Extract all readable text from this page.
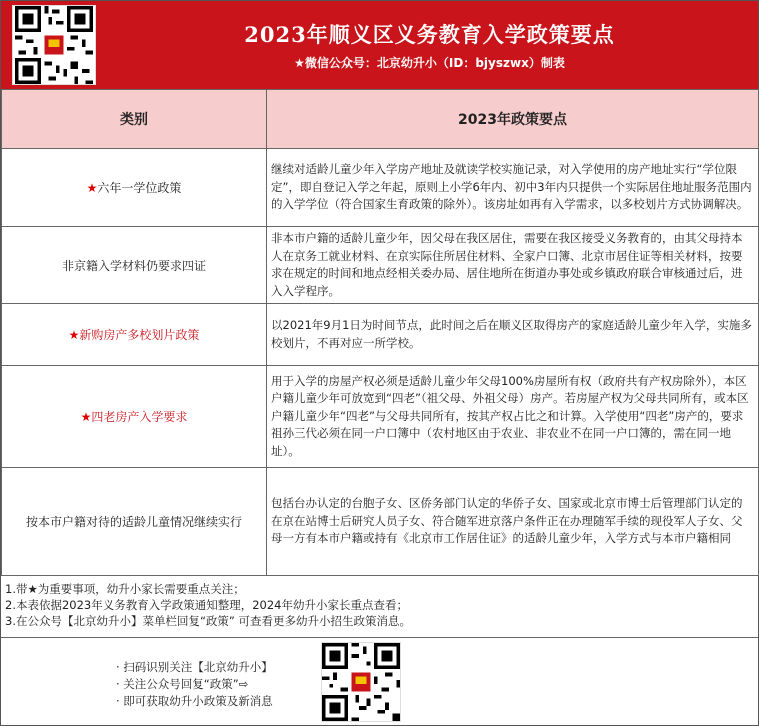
2023年顺义区义务教育入学政策要点
★微信公众号：北京幼升小（ID：bjyszwx）制表
类别	2023年政策要点
★六年一学位政策	继续对适龄儿童少年入学房产地址及就读学校实施记录，对入学使用的房产地址实行“学位限定”，即自登记入学之年起，原则上小学6年内、初中3年内只提供一个实际居住地址服务范围内的入学学位（符合国家生育政策的除外）。该房址如再有入学需求，以多校划片方式协调解决。
非京籍入学材料仍要求四证	非本市户籍的适龄儿童少年，因父母在我区居住，需要在我区接受义务教育的，由其父母持本人在京务工就业材料、在京实际住所居住材料、全家户口簿、北京市居住证等相关材料，按要求在规定的时间和地点经相关委办局、居住地所在街道办事处或乡镇政府联合审核通过后，进入入学程序。
★新购房产多校划片政策	以2021年9月1日为时间节点，此时间之后在顺义区取得房产的家庭适龄儿童少年入学，实施多校划片，不再对应一所学校。
★四老房产入学要求	用于入学的房屋产权必须是适龄儿童少年父母100%房屋所有权（政府共有产权房除外），本区户籍儿童少年可放宽到“四老”（祖父母、外祖父母）房产。若房屋产权为父母共同所有，或本区户籍儿童少年“四老”与父母共同所有，按其产权占比之和计算。入学使用“四老”房产的，要求祖孙三代必须在同一户口簿中（农村地区由于农业、非农业不在同一户口簿的，需在同一地址）。
按本市户籍对待的适龄儿童情况继续实行	包括台办认定的台胞子女、区侨务部门认定的华侨子女、国家或北京市博士后管理部门认定的在京在站博士后研究人员子女、符合随军进京落户条件正在办理随军手续的现役军人子女、父母一方有本市户籍或持有《北京市工作居住证》的适龄儿童少年，入学方式与本市户籍相同
1.带★为重要事项，幼升小家长需要重点关注；
2.本表依据2023年义务教育入学政策通知整理，2024年幼升小家长重点查看；
3.在公众号【北京幼升小】菜单栏回复“政策” 可查看更多幼升小招生政策消息。
· 扫码识别关注【北京幼升小】
· 关注公众号回复“政策”⇨
· 即可获取幼升小政策及新消息
